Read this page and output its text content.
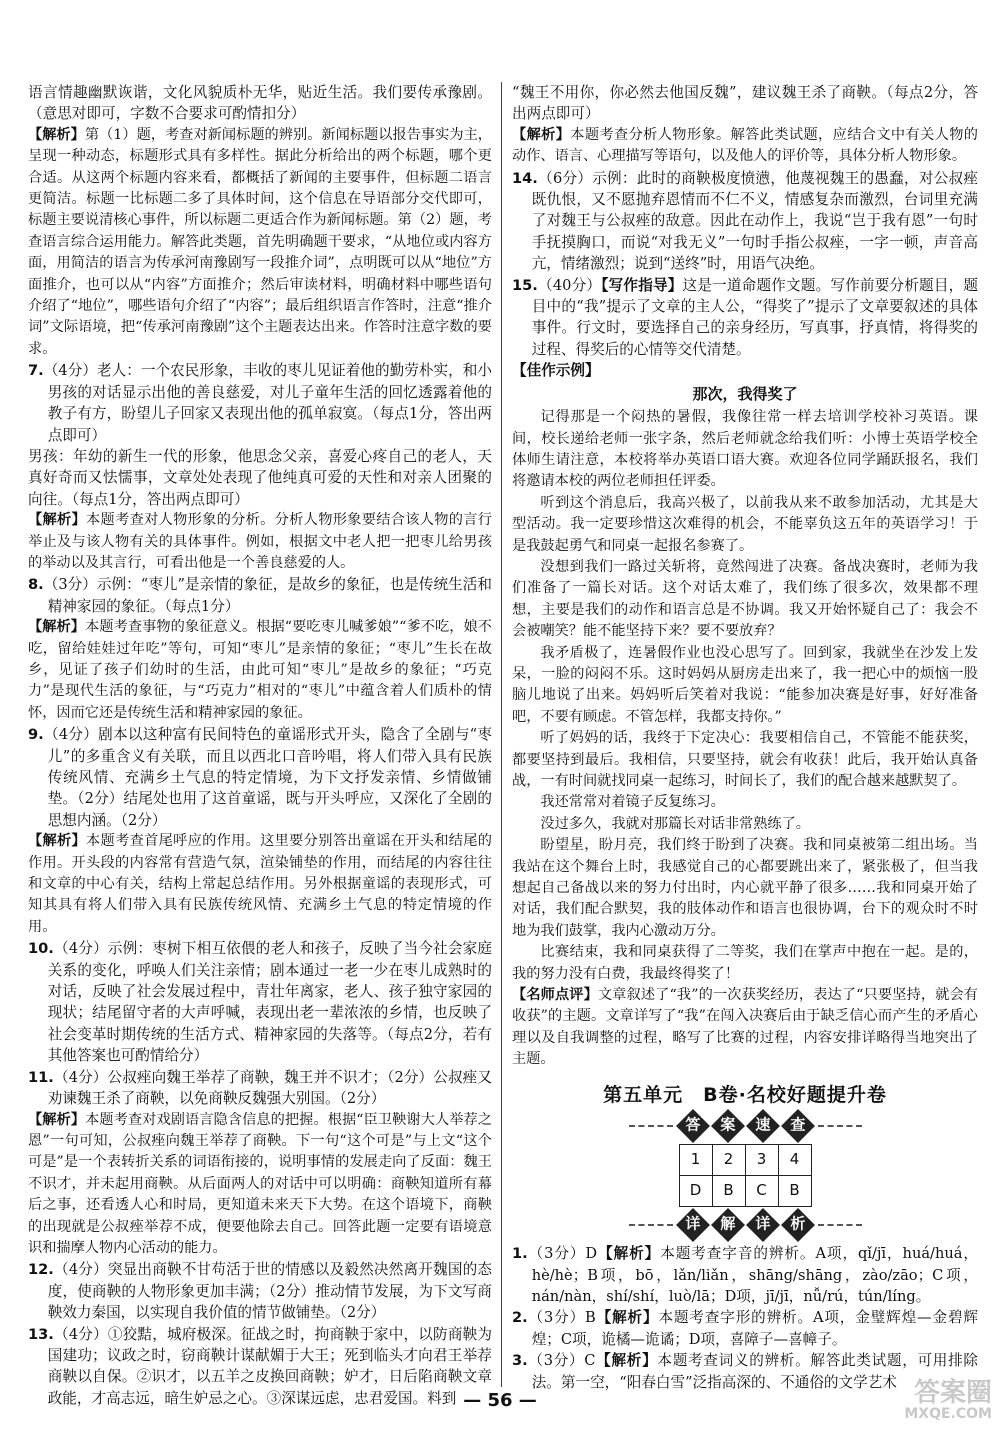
语言情趣幽默诙谐，文化风貌质朴无华，贴近生活。我们要传承豫剧。（意思对即可，字数不合要求可酌情扣分）

【解析】第（1）题，考查对新闻标题的辨别。新闻标题以报告事实为主，呈现一种动态，标题形式具有多样性。据此分析给出的两个标题，哪个更合适。从这两个标题内容来看，都概括了新闻的主要事件，但标题二语言更简洁。标题一比标题二多了具体时间，这个信息在导语部分交代即可，标题主要说清核心事件，所以标题二更适合作为新闻标题。第（2）题，考查语言综合运用能力。解答此类题，首先明确题干要求，“从地位或内容方面，用简洁的语言为传承河南豫剧写一段推介词”，点明既可以从“地位”方面推介，也可以从“内容”方面推介；然后审读材料，明确材料中哪些语句介绍了“地位”，哪些语句介绍了“内容”；最后组织语言作答时，注意“推介词”文际语境，把“传承河南豫剧”这个主题表达出来。作答时注意字数的要求。

7.（4分）老人：一个农民形象，丰收的枣儿见证着他的勤劳朴实，和小男孩的对话显示出他的善良慈爱，对儿子童年生活的回忆透露着他的教子有方，盼望儿子回家又表现出他的孤单寂寞。（每点1分，答出两点即可）

男孩：年幼的新生一代的形象，他思念父亲，喜爱心疼自己的老人，天真好奇而又怯懦事，文章处处表现了他纯真可爱的天性和对亲人团聚的向往。（每点1分，答出两点即可）

【解析】本题考查对人物形象的分析。分析人物形象要结合该人物的言行举止及与该人物有关的具体事件。例如，根据文中老人把一把枣儿给男孩的举动以及其言行，可看出他是一个善良慈爱的人。

8.（3分）示例：“枣儿”是亲情的象征，是故乡的象征，也是传统生活和精神家园的象征。（每点1分）

【解析】本题考查事物的象征意义。根据“要吃枣儿喊爹娘”“爹不吃，娘不吃，留给娃娃过年吃”等句，可知“枣儿”是亲情的象征；“枣儿”生长在故乡，见证了孩子们幼时的生活，由此可知“枣儿”是故乡的象征；“巧克力”是现代生活的象征，与“巧克力”相对的“枣儿”中蕴含着人们质朴的情怀，因而它还是传统生活和精神家园的象征。

9.（4分）剧本以这种富有民间特色的童谣形式开头，隐含了全剧与“枣儿”的多重含义有关联，而且以西北口音吟唱，将人们带入具有民族传统风情、充满乡土气息的特定情境，为下文抒发亲情、乡情做铺垫。（2分）结尾处也用了这首童谣，既与开头呼应，又深化了全剧的思想内涵。（2分）

【解析】本题考查首尾呼应的作用。这里要分别答出童谣在开头和结尾的作用。开头段的内容常有营造气氛，渲染铺垫的作用，而结尾的内容往往和文章的中心有关，结构上常起总结作用。另外根据童谣的表现形式，可知其具有将人们带入具有民族传统风情、充满乡土气息的特定情境的作用。

10.（4分）示例：枣树下相互依偎的老人和孩子，反映了当今社会家庭关系的变化，呼唤人们关注亲情；剧本通过一老一少在枣儿成熟时的对话，反映了社会发展过程中，青壮年离家，老人、孩子独守家园的现状；结尾留守者的大声呼喊，表现出老一辈浓浓的乡情，也反映了社会变革时期传统的生活方式、精神家园的失落等。（每点2分，若有其他答案也可酌情给分）

11.（4分）公叔痤向魏王举荐了商鞅，魏王并不识才；（2分）公叔痤又劝谏魏王杀了商鞅，以免商鞅反魏强大别国。（2分）

【解析】本题考查对戏剧语言隐含信息的把握。根据“臣卫鞅谢大人举荐之恩”一句可知，公叔痤向魏王举荐了商鞅。下一句“这个可是”与上文“这个可是”是一个表转折关系的词语衔接的，说明事情的发展走向了反面：魏王不识才，并未起用商鞅。从后面两人的对话中可以明确：商鞅知道所有幕后之事，还看透人心和时局，更知道未来天下大势。在这个语境下，商鞅的出现就是公叔痤举荐不成，便要他除去自己。回答此题一定要有语境意识和揣摩人物内心活动的能力。

12.（4分）突显出商鞅不甘苟活于世的情感以及毅然决然离开魏国的态度，使商鞅的人物形象更加丰满；（2分）推动情节发展，为下文写商鞅效力秦国，以实现自我价值的情节做铺垫。（2分）

13.（4分）①狡黠，城府极深。征战之时，拘商鞅于家中，以防商鞅为国建功；议政之时，窃商鞅计谋献媚于大王；死到临头才向君王举荐商鞅以自保。②识才，以五羊之皮换回商鞅；妒才，日后陷商鞅文章政能，才高志远，暗生妒忌之心。③深谋远虑，忠君爱国。料到

“魏王不用你，你必然去他国反魏”，建议魏王杀了商鞅。（每点2分，答出两点即可）

【解析】本题考查分析人物形象。解答此类试题，应结合文中有关人物的动作、语言、心理描写等语句，以及他人的评价等，具体分析人物形象。

14.（6分）示例：此时的商鞅极度愤懑，他蔑视魏王的愚蠢，对公叔痤既仇恨，又不愿抛弃恩情而不仁不义，情感复杂而激烈，台词里充满了对魏王与公叔痤的敌意。因此在动作上，我说“岂于我有恩”一句时手抚摸胸口，而说“对我无义”一句时手指公叔痤，一字一顿，声音高亢，情绪激烈；说到“送终”时，用语气决绝。

15.（40分）【写作指导】这是一道命题作文题。写作前要分析题目，题目中的“我”提示了文章的主人公，“得奖了”提示了文章要叙述的具体事件。行文时，要选择自己的亲身经历，写真事，抒真情，将得奖的过程、得奖后的心情等交代清楚。

【佳作示例】

那次，我得奖了

记得那是一个闷热的暑假，我像往常一样去培训学校补习英语。课间，校长递给老师一张字条，然后老师就念给我们听：小博士英语学校全体师生请注意，本校将举办英语口语大赛。欢迎各位同学踊跃报名，我们将邀请本校的两位老师担任评委。

听到这个消息后，我高兴极了，以前我从来不敢参加活动，尤其是大型活动。我一定要珍惜这次难得的机会，不能辜负这五年的英语学习！于是我鼓起勇气和同桌一起报名参赛了。

没想到我们一路过关斩将，竟然闯进了决赛。备战决赛时，老师为我们准备了一篇长对话。这个对话太难了，我们练了很多次，效果都不理想，主要是我们的动作和语言总是不协调。我又开始怀疑自己了：我会不会被嘲笑？能不能坚持下来？要不要放弃？

我矛盾极了，连暑假作业也没心思写了。回到家，我就坐在沙发上发呆，一脸的闷闷不乐。这时妈妈从厨房走出来了，我一把心中的烦恼一股脑儿地说了出来。妈妈听后笑着对我说：“能参加决赛是好事，好好准备吧，不要有顾虑。不管怎样，我都支持你。”

听了妈妈的话，我终于下定决心：我要相信自己，不管能不能获奖，都要坚持到最后。我相信，只要坚持，就会有收获！此后，我开始认真备战，一有时间就找同桌一起练习，时间长了，我们的配合越来越默契了。

我还常常对着镜子反复练习。

没过多久，我就对那篇长对话非常熟练了。

盼望星，盼月亮，我们终于盼到了决赛。我和同桌被第二组出场。当我站在这个舞台上时，我感觉自己的心都要跳出来了，紧张极了，但当我想起自己备战以来的努力付出时，内心就平静了很多……我和同桌开始了对话，我们配合默契，我的肢体动作和语言也很协调，台下的观众时不时地为我们鼓掌，我内心激动万分。

比赛结束，我和同桌获得了二等奖，我们在掌声中抱在一起。是的，我的努力没有白费，我最终得奖了！

【名师点评】文章叙述了“我”的一次获奖经历，表达了“只要坚持，就会有收获”的主题。文章详写了“我”在闯入决赛后由于缺乏信心而产生的矛盾心理以及自我调整的过程，略写了比赛的过程，内容安排详略得当地突出了主题。

第五单元　B卷·名校好题提升卷
答 案 速 查
1	2	3	4
D	B	C	B
详 解 详 析

1.（3分）D【解析】本题考查字音的辨析。A项，qǐ/jī，huá/huá，hè/hè；B项，bō，lǎn/liǎn，shāng/shāng，zào/zāo；C项，nán/nàn，shí/shí，luò/lā；D项，jī/jī，nǚ/rú，tún/líng。

2.（3分）B【解析】本题考查字形的辨析。A项，金璧辉煌—金碧辉煌；C项，诡橘—诡谲；D项，喜障子—喜幛子。

3.（3分）C【解析】本题考查词义的辨析。解答此类试题，可用排除法。第一空，“阳春白雪”泛指高深的、不通俗的文学艺术

— 56 —	答案圈
MXQE.COM
